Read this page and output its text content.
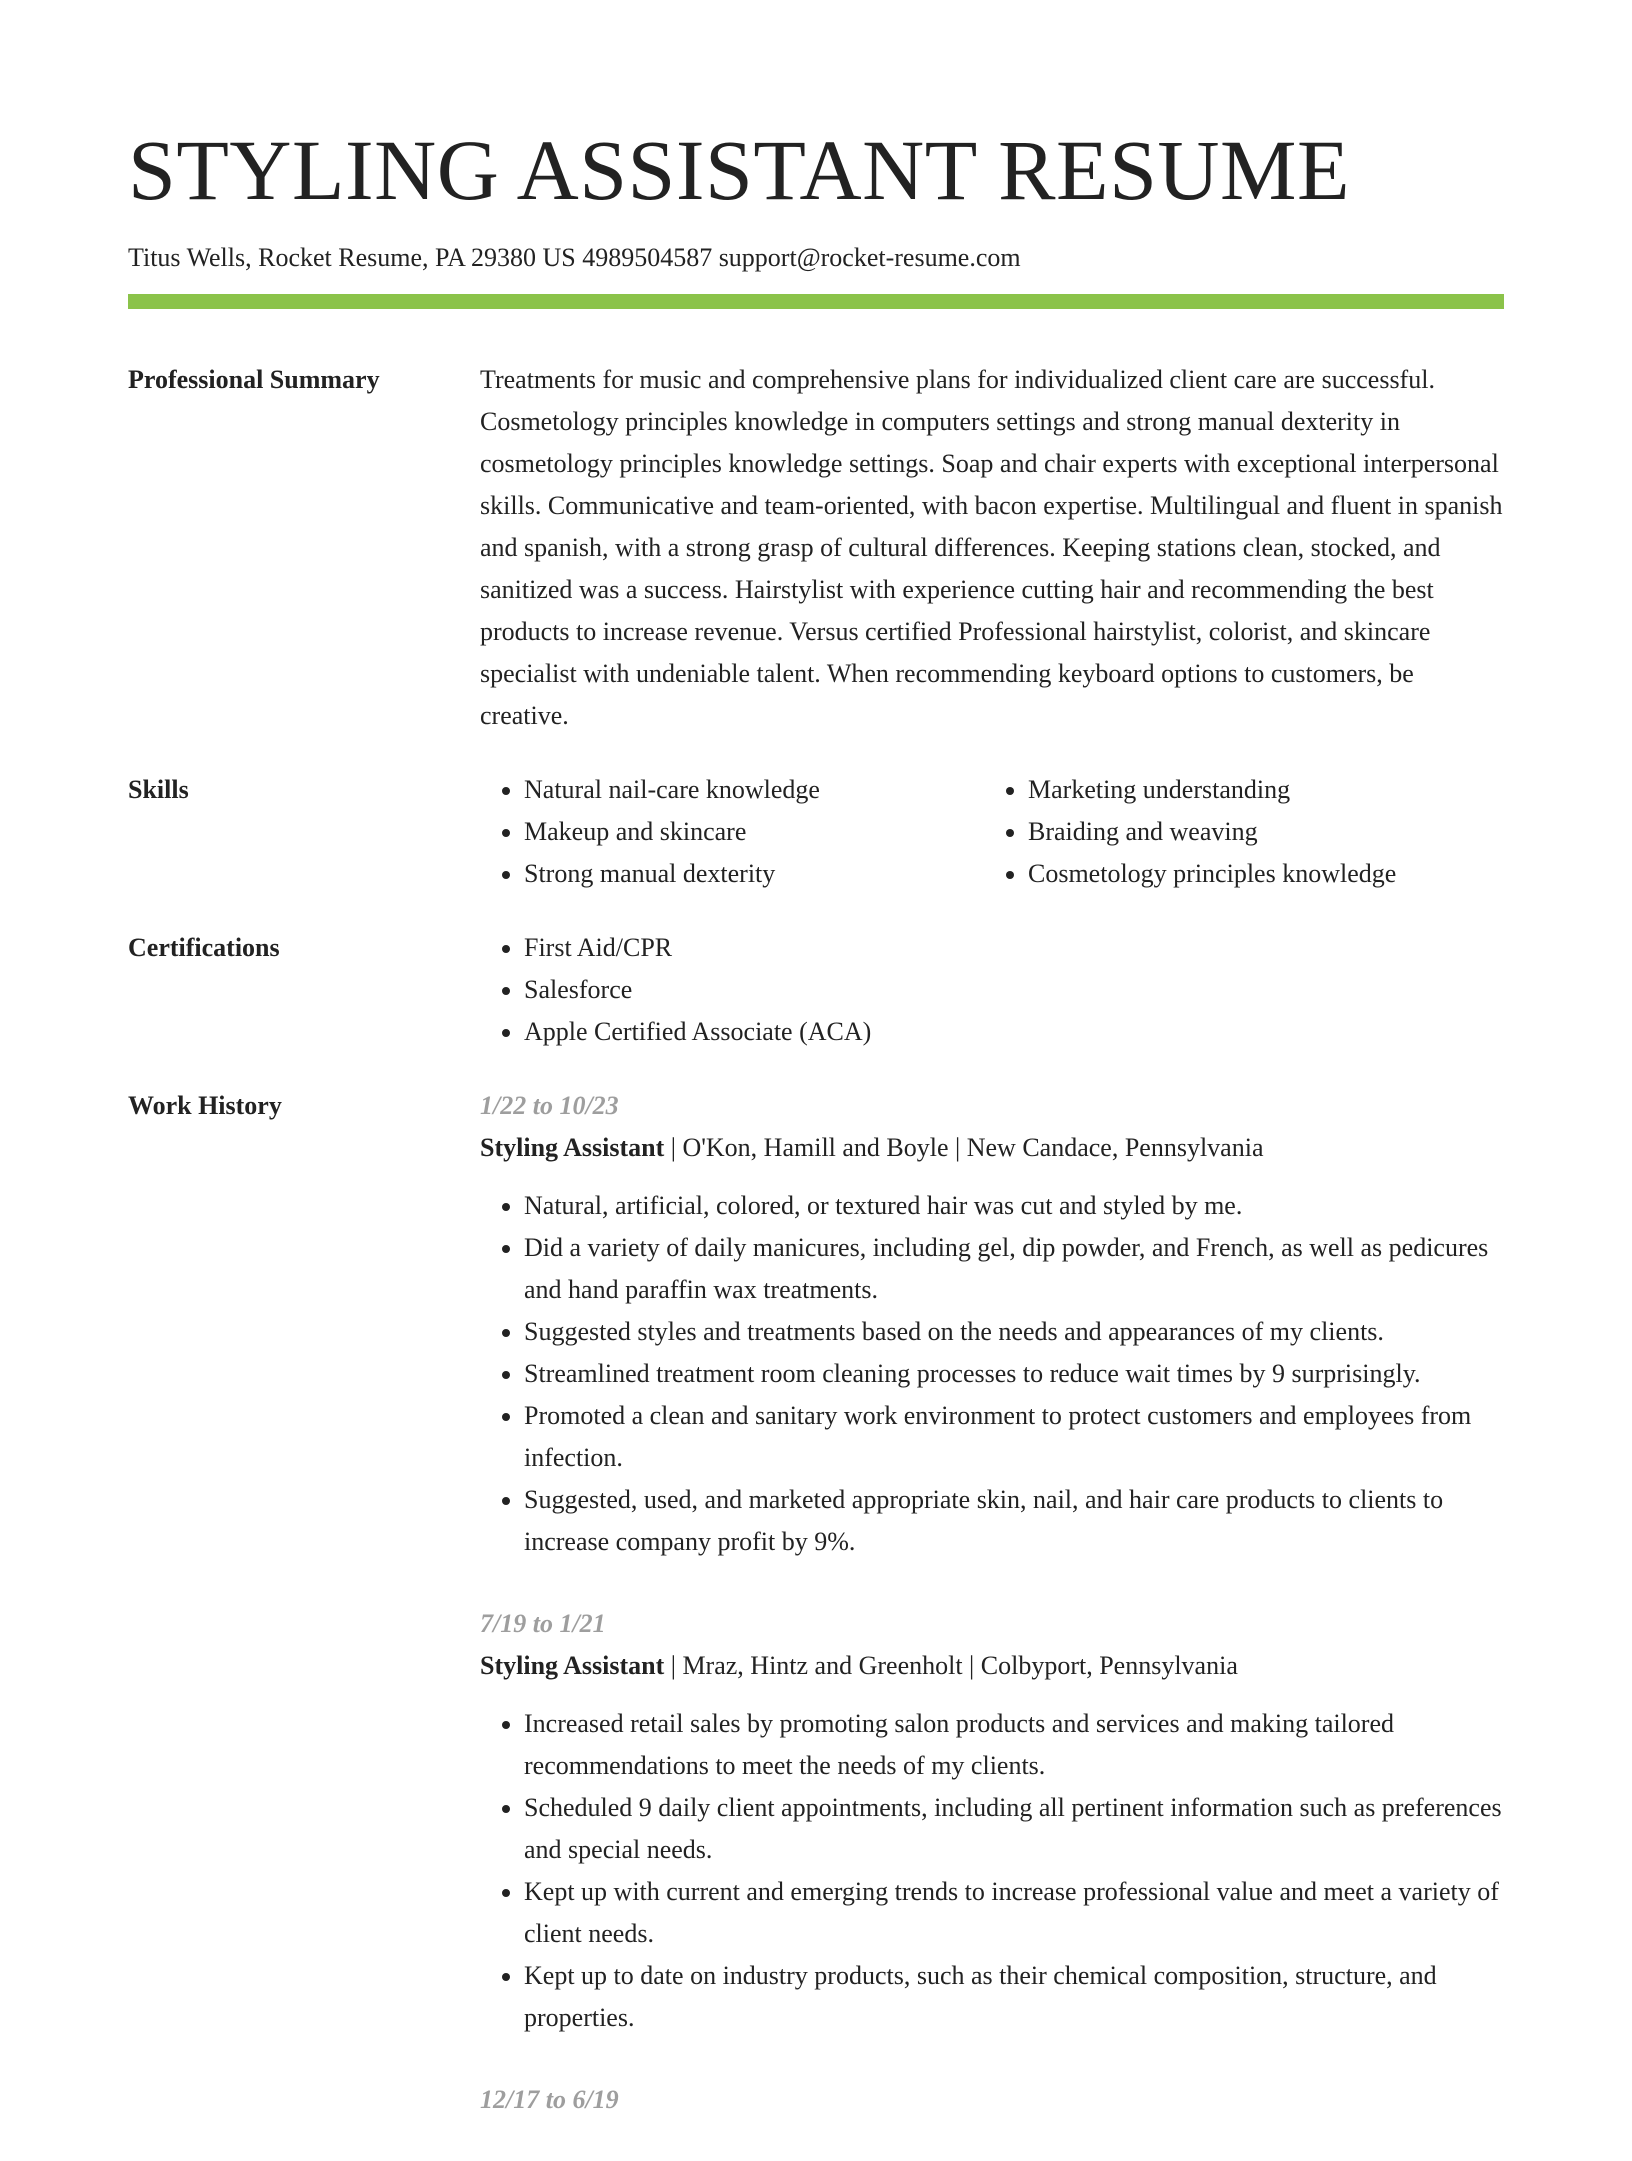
STYLING ASSISTANT RESUME
Titus Wells, Rocket Resume, PA 29380 US 4989504587 support@rocket-resume.com
Professional Summary	Treatments for music and comprehensive plans for individualized client care are successful. Cosmetology principles knowledge in computers settings and strong manual dexterity in cosmetology principles knowledge settings. Soap and chair experts with exceptional interpersonal skills. Communicative and team-oriented, with bacon expertise. Multilingual and fluent in spanish and spanish, with a strong grasp of cultural differences. Keeping stations clean, stocked, and sanitized was a success. Hairstylist with experience cutting hair and recommending the best products to increase revenue. Versus certified Professional hairstylist, colorist, and skincare specialist with undeniable talent. When recommending keyboard options to customers, be creative.

Skills	• Natural nail-care knowledge
• Makeup and skincare
• Strong manual dexterity
• Marketing understanding
• Braiding and weaving
• Cosmetology principles knowledge
Certifications	• First Aid/CPR
• Salesforce
• Apple Certified Associate (ACA)
Work History	1/22 to 10/23
Styling Assistant | O'Kon, Hamill and Boyle | New Candace, Pennsylvania
• Natural, artificial, colored, or textured hair was cut and styled by me.
• Did a variety of daily manicures, including gel, dip powder, and French, as well as pedicures and hand paraffin wax treatments.
• Suggested styles and treatments based on the needs and appearances of my clients.
• Streamlined treatment room cleaning processes to reduce wait times by 9 surprisingly.
• Promoted a clean and sanitary work environment to protect customers and employees from infection.
• Suggested, used, and marketed appropriate skin, nail, and hair care products to clients to increase company profit by 9%.
7/19 to 1/21
Styling Assistant | Mraz, Hintz and Greenholt | Colbyport, Pennsylvania
• Increased retail sales by promoting salon products and services and making tailored recommendations to meet the needs of my clients.
• Scheduled 9 daily client appointments, including all pertinent information such as preferences and special needs.
• Kept up with current and emerging trends to increase professional value and meet a variety of client needs.
• Kept up to date on industry products, such as their chemical composition, structure, and properties.
12/17 to 6/19
